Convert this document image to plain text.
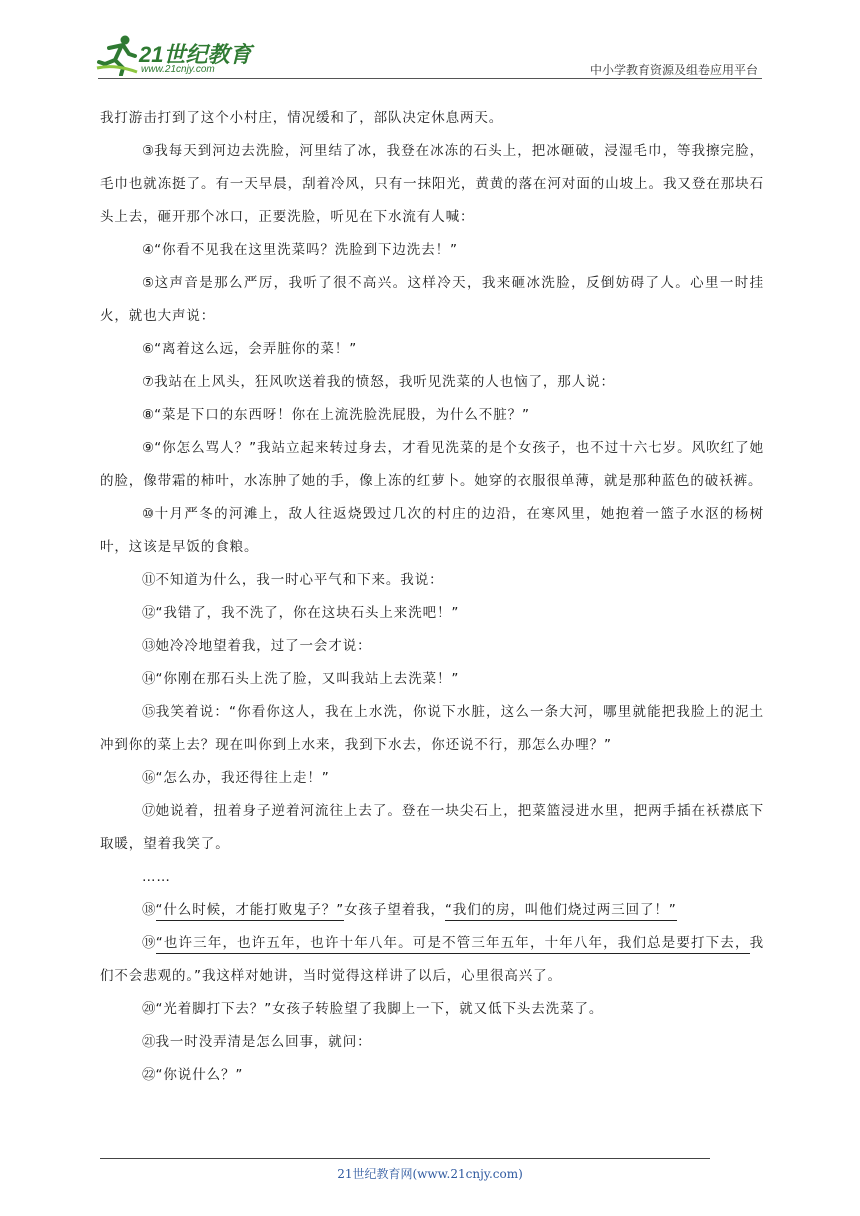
21世纪教育
www.21cnjy.com	中小学教育资源及组卷应用平台

我打游击打到了这个小村庄，情况缓和了，部队决定休息两天。

③我每天到河边去洗脸，河里结了冰，我登在冰冻的石头上，把冰砸破，浸湿毛巾，等我擦完脸，毛巾也就冻挺了。有一天早晨，刮着冷风，只有一抹阳光，黄黄的落在河对面的山坡上。我又登在那块石头上去，砸开那个冰口，正要洗脸，听见在下水流有人喊：

④“你看不见我在这里洗菜吗？洗脸到下边洗去！”

⑤这声音是那么严厉，我听了很不高兴。这样冷天，我来砸冰洗脸，反倒妨碍了人。心里一时挂火，就也大声说：

⑥“离着这么远，会弄脏你的菜！”

⑦我站在上风头，狂风吹送着我的愤怒，我听见洗菜的人也恼了，那人说：

⑧“菜是下口的东西呀！你在上流洗脸洗屁股，为什么不脏？”

⑨“你怎么骂人？”我站立起来转过身去，才看见洗菜的是个女孩子，也不过十六七岁。风吹红了她的脸，像带霜的柿叶，水冻肿了她的手，像上冻的红萝卜。她穿的衣服很单薄，就是那种蓝色的破袄裤。

⑩十月严冬的河滩上，敌人往返烧毁过几次的村庄的边沿，在寒风里，她抱着一篮子水沤的杨树叶，这该是早饭的食粮。

⑪不知道为什么，我一时心平气和下来。我说：

⑫“我错了，我不洗了，你在这块石头上来洗吧！”

⑬她冷冷地望着我，过了一会才说：

⑭“你刚在那石头上洗了脸，又叫我站上去洗菜！”

⑮我笑着说：“你看你这人，我在上水洗，你说下水脏，这么一条大河，哪里就能把我脸上的泥土冲到你的菜上去？现在叫你到上水来，我到下水去，你还说不行，那怎么办哩？”

⑯“怎么办，我还得往上走！”

⑰她说着，扭着身子逆着河流往上去了。登在一块尖石上，把菜篮浸进水里，把两手插在袄襟底下取暖，望着我笑了。

……

⑱“什么时候，才能打败鬼子？”女孩子望着我，“我们的房，叫他们烧过两三回了！”

⑲“也许三年，也许五年，也许十年八年。可是不管三年五年，十年八年，我们总是要打下去，我们不会悲观的。”我这样对她讲，当时觉得这样讲了以后，心里很高兴了。

⑳“光着脚打下去？”女孩子转脸望了我脚上一下，就又低下头去洗菜了。

㉑我一时没弄清是怎么回事，就问：

㉒“你说什么？”

21世纪教育网(www.21cnjy.com)
